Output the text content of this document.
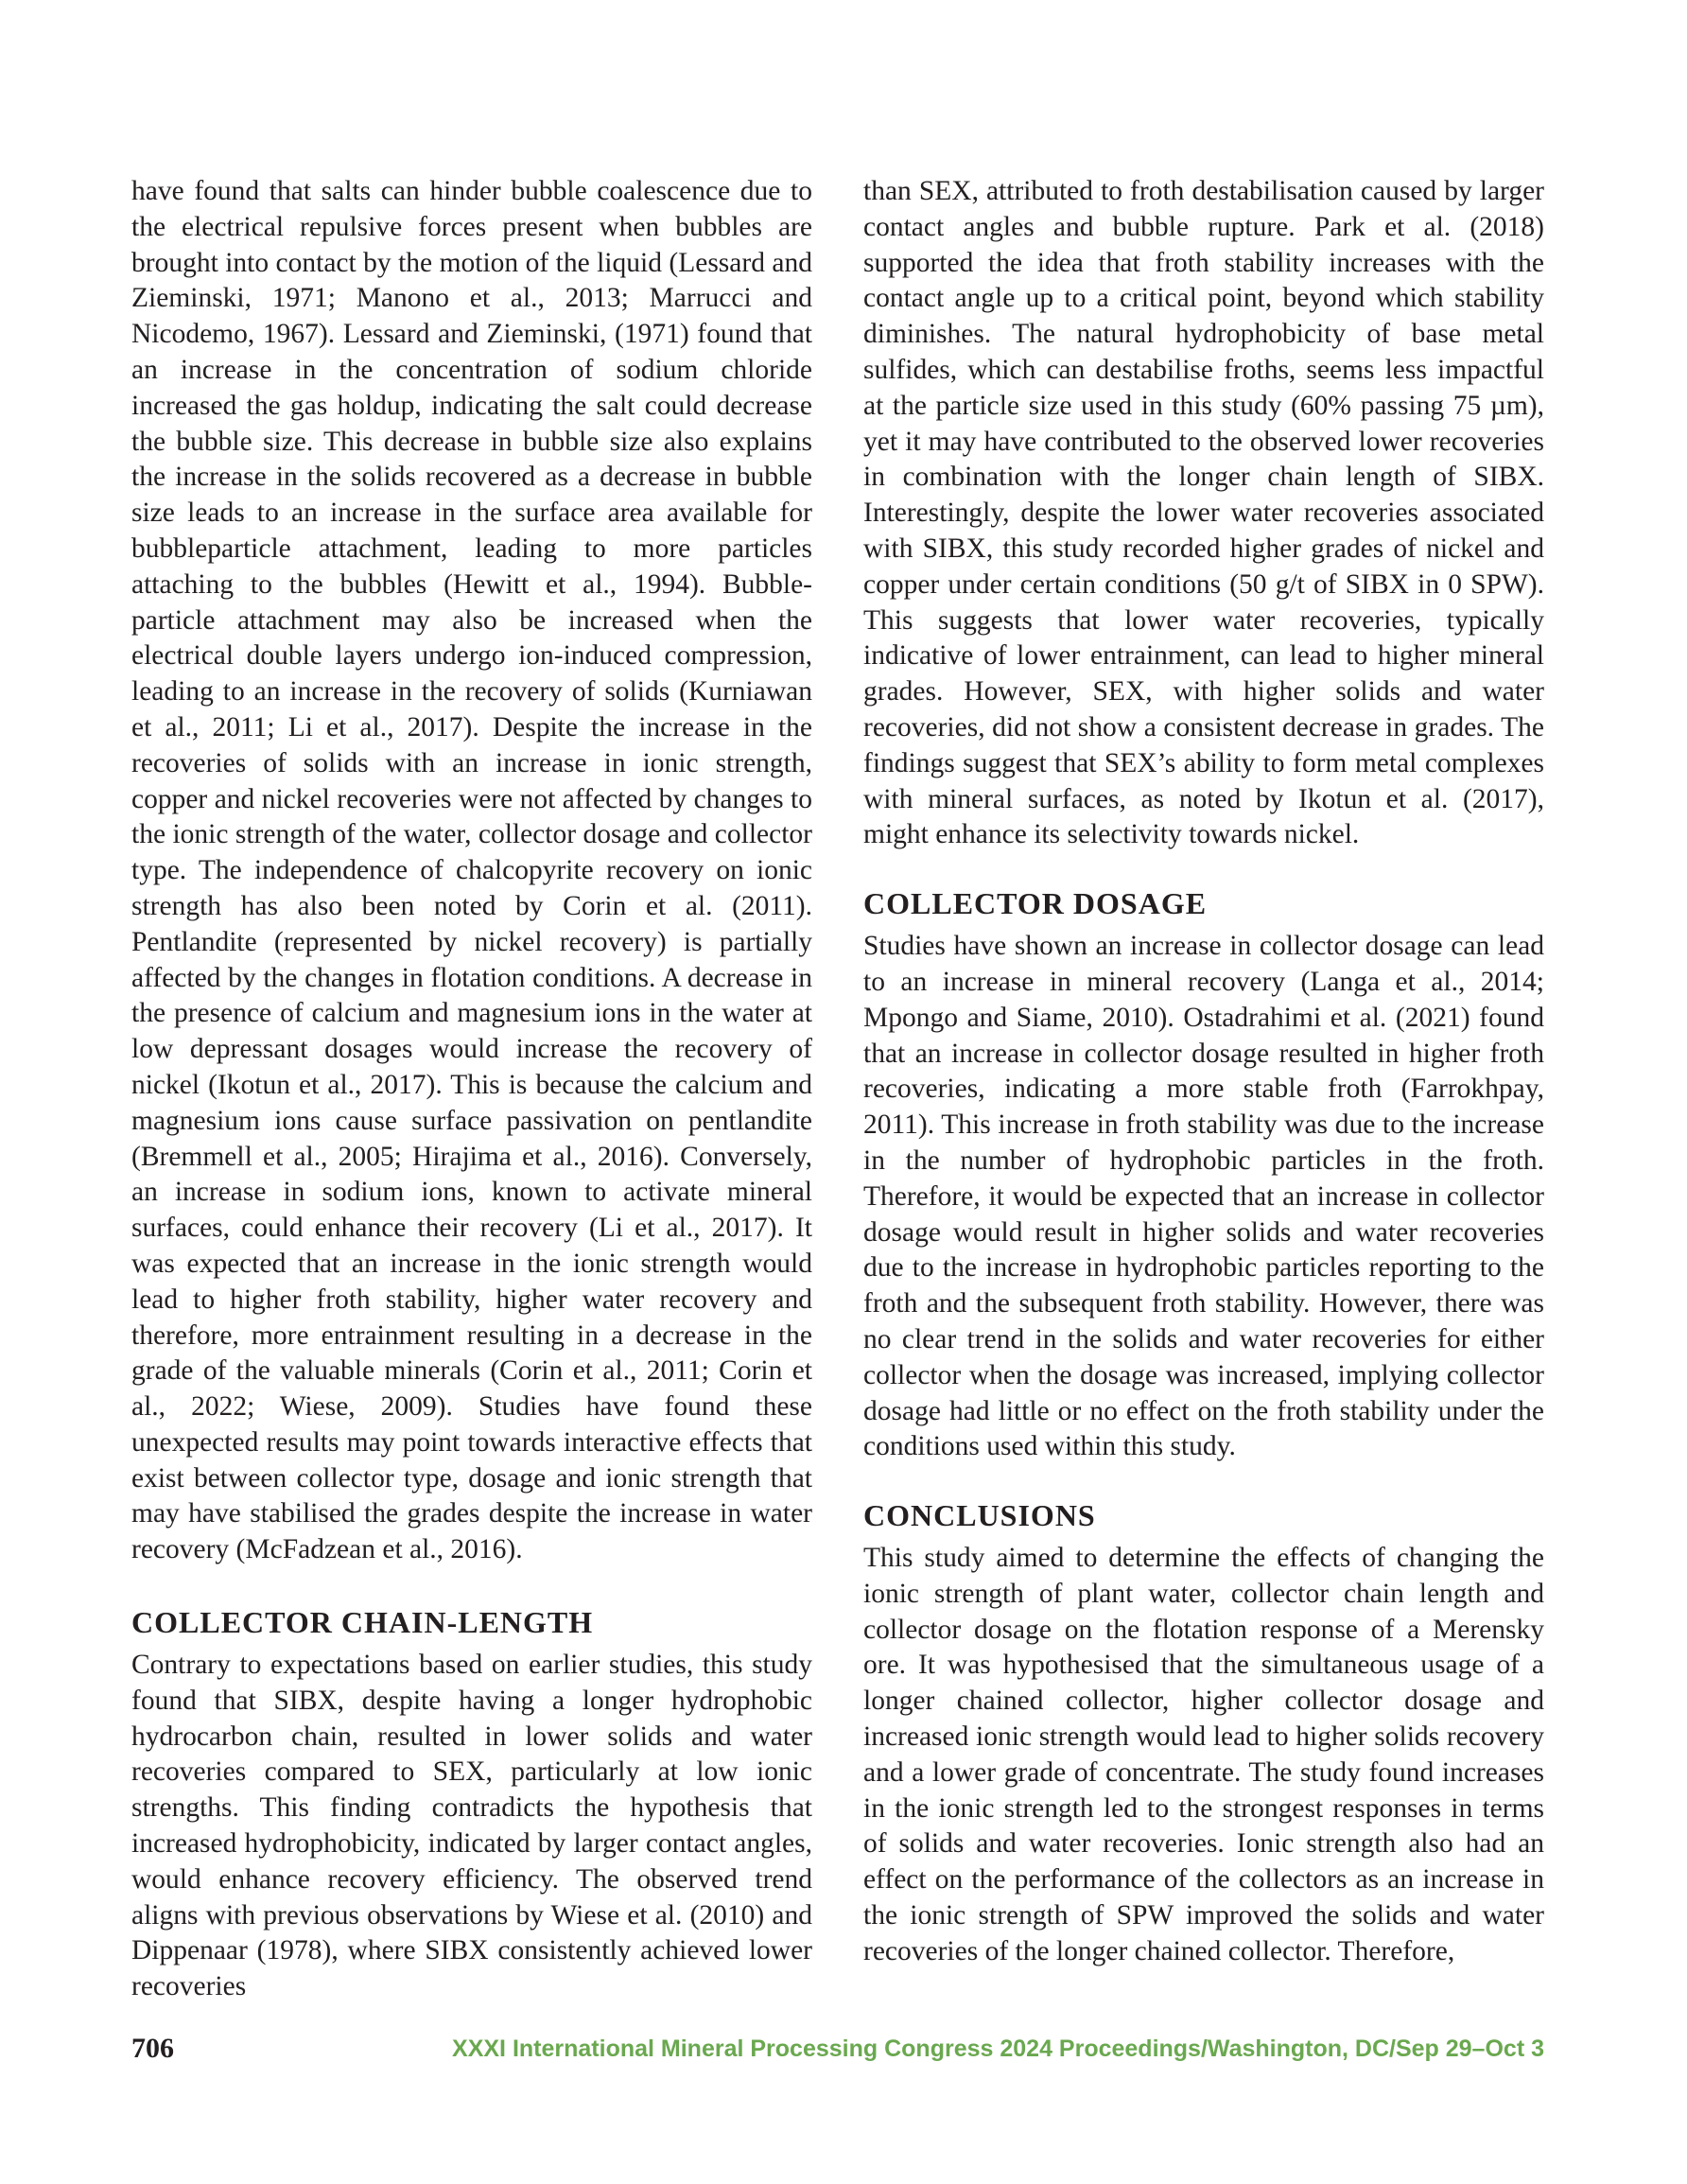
have found that salts can hinder bubble coalescence due to the electrical repulsive forces present when bubbles are brought into contact by the motion of the liquid (Lessard and Zieminski, 1971; Manono et al., 2013; Marrucci and Nicodemo, 1967). Lessard and Zieminski, (1971) found that an increase in the concentration of sodium chloride increased the gas holdup, indicating the salt could decrease the bubble size. This decrease in bubble size also explains the increase in the solids recovered as a decrease in bubble size leads to an increase in the surface area available for bubbleparticle attachment, leading to more particles attaching to the bubbles (Hewitt et al., 1994). Bubble-particle attachment may also be increased when the electrical double layers undergo ion-induced compression, leading to an increase in the recovery of solids (Kurniawan et al., 2011; Li et al., 2017). Despite the increase in the recoveries of solids with an increase in ionic strength, copper and nickel recoveries were not affected by changes to the ionic strength of the water, collector dosage and collector type. The independence of chalcopyrite recovery on ionic strength has also been noted by Corin et al. (2011). Pentlandite (represented by nickel recovery) is partially affected by the changes in flotation conditions. A decrease in the presence of calcium and magnesium ions in the water at low depressant dosages would increase the recovery of nickel (Ikotun et al., 2017). This is because the calcium and magnesium ions cause surface passivation on pentlandite (Bremmell et al., 2005; Hirajima et al., 2016). Conversely, an increase in sodium ions, known to activate mineral surfaces, could enhance their recovery (Li et al., 2017). It was expected that an increase in the ionic strength would lead to higher froth stability, higher water recovery and therefore, more entrainment resulting in a decrease in the grade of the valuable minerals (Corin et al., 2011; Corin et al., 2022; Wiese, 2009). Studies have found these unexpected results may point towards interactive effects that exist between collector type, dosage and ionic strength that may have stabilised the grades despite the increase in water recovery (McFadzean et al., 2016).

COLLECTOR CHAIN-LENGTH

Contrary to expectations based on earlier studies, this study found that SIBX, despite having a longer hydrophobic hydrocarbon chain, resulted in lower solids and water recoveries compared to SEX, particularly at low ionic strengths. This finding contradicts the hypothesis that increased hydrophobicity, indicated by larger contact angles, would enhance recovery efficiency. The observed trend aligns with previous observations by Wiese et al. (2010) and Dippenaar (1978), where SIBX consistently achieved lower recoveries

than SEX, attributed to froth destabilisation caused by larger contact angles and bubble rupture. Park et al. (2018) supported the idea that froth stability increases with the contact angle up to a critical point, beyond which stability diminishes. The natural hydrophobicity of base metal sulfides, which can destabilise froths, seems less impactful at the particle size used in this study (60% passing 75 µm), yet it may have contributed to the observed lower recoveries in combination with the longer chain length of SIBX. Interestingly, despite the lower water recoveries associated with SIBX, this study recorded higher grades of nickel and copper under certain conditions (50 g/t of SIBX in 0 SPW). This suggests that lower water recoveries, typically indicative of lower entrainment, can lead to higher mineral grades. However, SEX, with higher solids and water recoveries, did not show a consistent decrease in grades. The findings suggest that SEX’s ability to form metal complexes with mineral surfaces, as noted by Ikotun et al. (2017), might enhance its selectivity towards nickel.

COLLECTOR DOSAGE

Studies have shown an increase in collector dosage can lead to an increase in mineral recovery (Langa et al., 2014; Mpongo and Siame, 2010). Ostadrahimi et al. (2021) found that an increase in collector dosage resulted in higher froth recoveries, indicating a more stable froth (Farrokhpay, 2011). This increase in froth stability was due to the increase in the number of hydrophobic particles in the froth. Therefore, it would be expected that an increase in collector dosage would result in higher solids and water recoveries due to the increase in hydrophobic particles reporting to the froth and the subsequent froth stability. However, there was no clear trend in the solids and water recoveries for either collector when the dosage was increased, implying collector dosage had little or no effect on the froth stability under the conditions used within this study.

CONCLUSIONS

This study aimed to determine the effects of changing the ionic strength of plant water, collector chain length and collector dosage on the flotation response of a Merensky ore. It was hypothesised that the simultaneous usage of a longer chained collector, higher collector dosage and increased ionic strength would lead to higher solids recovery and a lower grade of concentrate. The study found increases in the ionic strength led to the strongest responses in terms of solids and water recoveries. Ionic strength also had an effect on the performance of the collectors as an increase in the ionic strength of SPW improved the solids and water recoveries of the longer chained collector. Therefore,

706	XXXI International Mineral Processing Congress 2024 Proceedings/Washington, DC/Sep 29–Oct 3
